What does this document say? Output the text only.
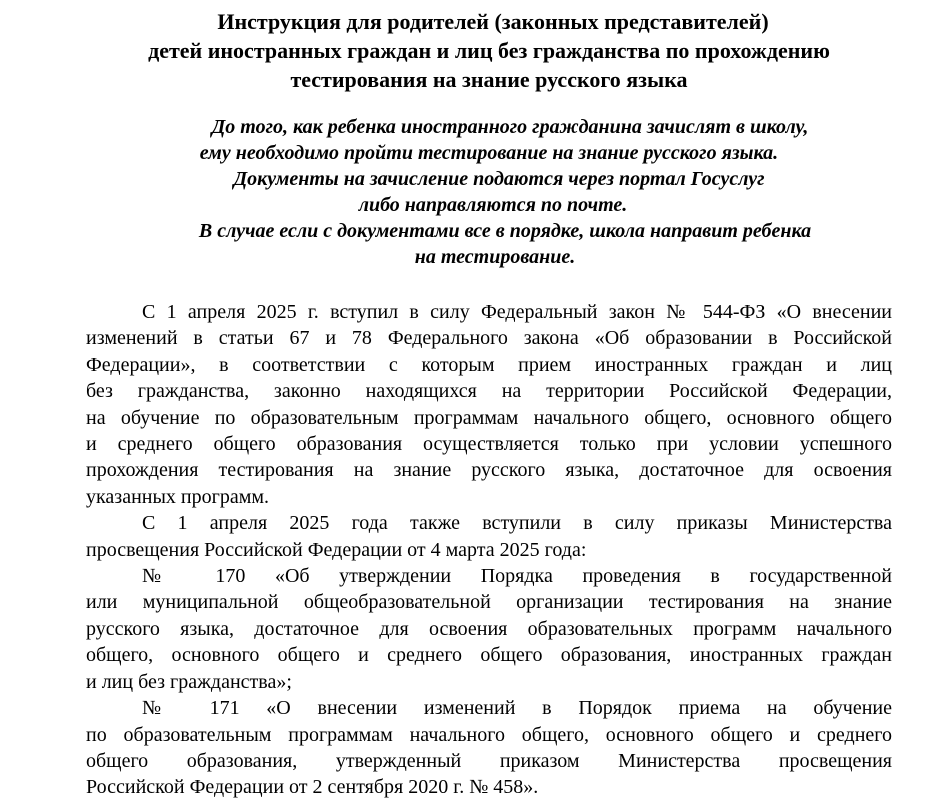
Инструкция для родителей (законных представителей)
детей иностранных граждан и лиц без гражданства по прохождению
тестирования на знание русского языка
До того, как ребенка иностранного гражданина зачислят в школу,
ему необходимо пройти тестирование на знание русского языка.
Документы на зачисление подаются через портал Госуслуг
либо направляются по почте.
В случае если с документами все в порядке, школа направит ребенка
на тестирование.
С 1 апреля 2025 г. вступил в силу Федеральный закон № 544-ФЗ «О внесении
изменений в статьи 67 и 78 Федерального закона «Об образовании в Российской
Федерации», в соответствии с которым прием иностранных граждан и лиц
без гражданства, законно находящихся на территории Российской Федерации,
на обучение по образовательным программам начального общего, основного общего
и среднего общего образования осуществляется только при условии успешного
прохождения тестирования на знание русского языка, достаточное для освоения
указанных программ.
С 1 апреля 2025 года также вступили в силу приказы Министерства
просвещения Российской Федерации от 4 марта 2025 года:
№ 170 «Об утверждении Порядка проведения в государственной
или муниципальной общеобразовательной организации тестирования на знание
русского языка, достаточное для освоения образовательных программ начального
общего, основного общего и среднего общего образования, иностранных граждан
и лиц без гражданства»;
№ 171 «О внесении изменений в Порядок приема на обучение
по образовательным программам начального общего, основного общего и среднего
общего образования, утвержденный приказом Министерства просвещения
Российской Федерации от 2 сентября 2020 г. № 458».
